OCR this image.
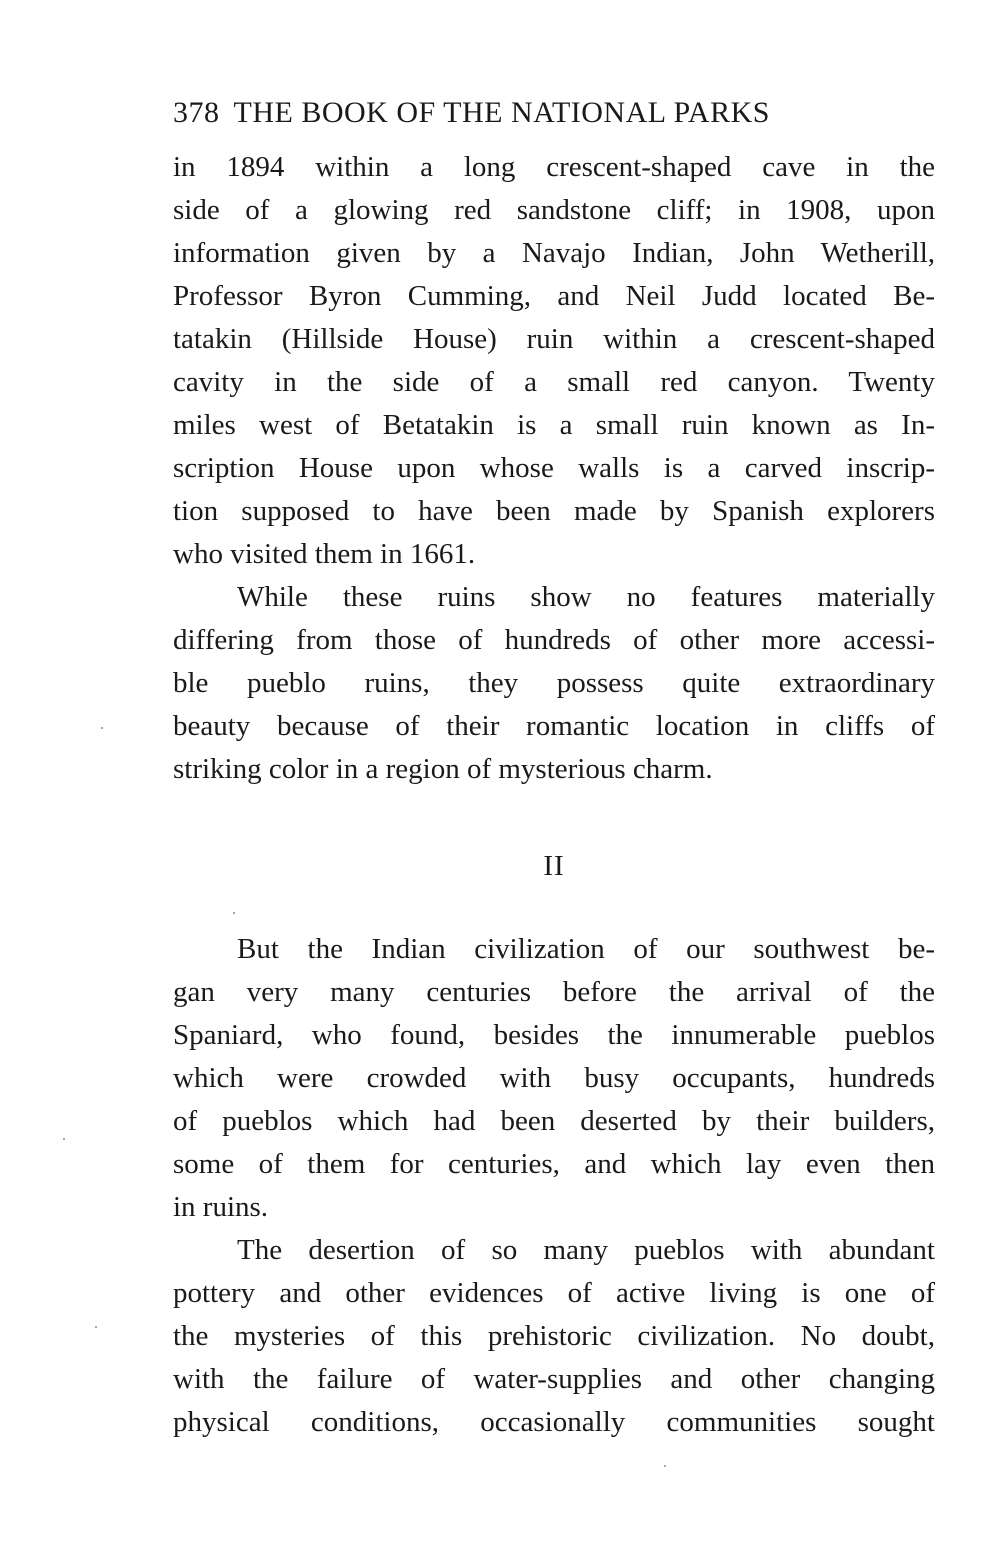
378 THE BOOK OF THE NATIONAL PARKS
in 1894 within a long crescent-shaped cave in the
side of a glowing red sandstone cliff; in 1908, upon
information given by a Navajo Indian, John Wetherill,
Professor Byron Cumming, and Neil Judd located Be-
tatakin (Hillside House) ruin within a crescent-shaped
cavity in the side of a small red canyon. Twenty
miles west of Betatakin is a small ruin known as In-
scription House upon whose walls is a carved inscrip-
tion supposed to have been made by Spanish explorers
who visited them in 1661.
While these ruins show no features materially
differing from those of hundreds of other more accessi-
ble pueblo ruins, they possess quite extraordinary
beauty because of their romantic location in cliffs of
striking color in a region of mysterious charm.
II
But the Indian civilization of our southwest be-
gan very many centuries before the arrival of the
Spaniard, who found, besides the innumerable pueblos
which were crowded with busy occupants, hundreds
of pueblos which had been deserted by their builders,
some of them for centuries, and which lay even then
in ruins.
The desertion of so many pueblos with abundant
pottery and other evidences of active living is one of
the mysteries of this prehistoric civilization. No doubt,
with the failure of water-supplies and other changing
physical conditions, occasionally communities sought
